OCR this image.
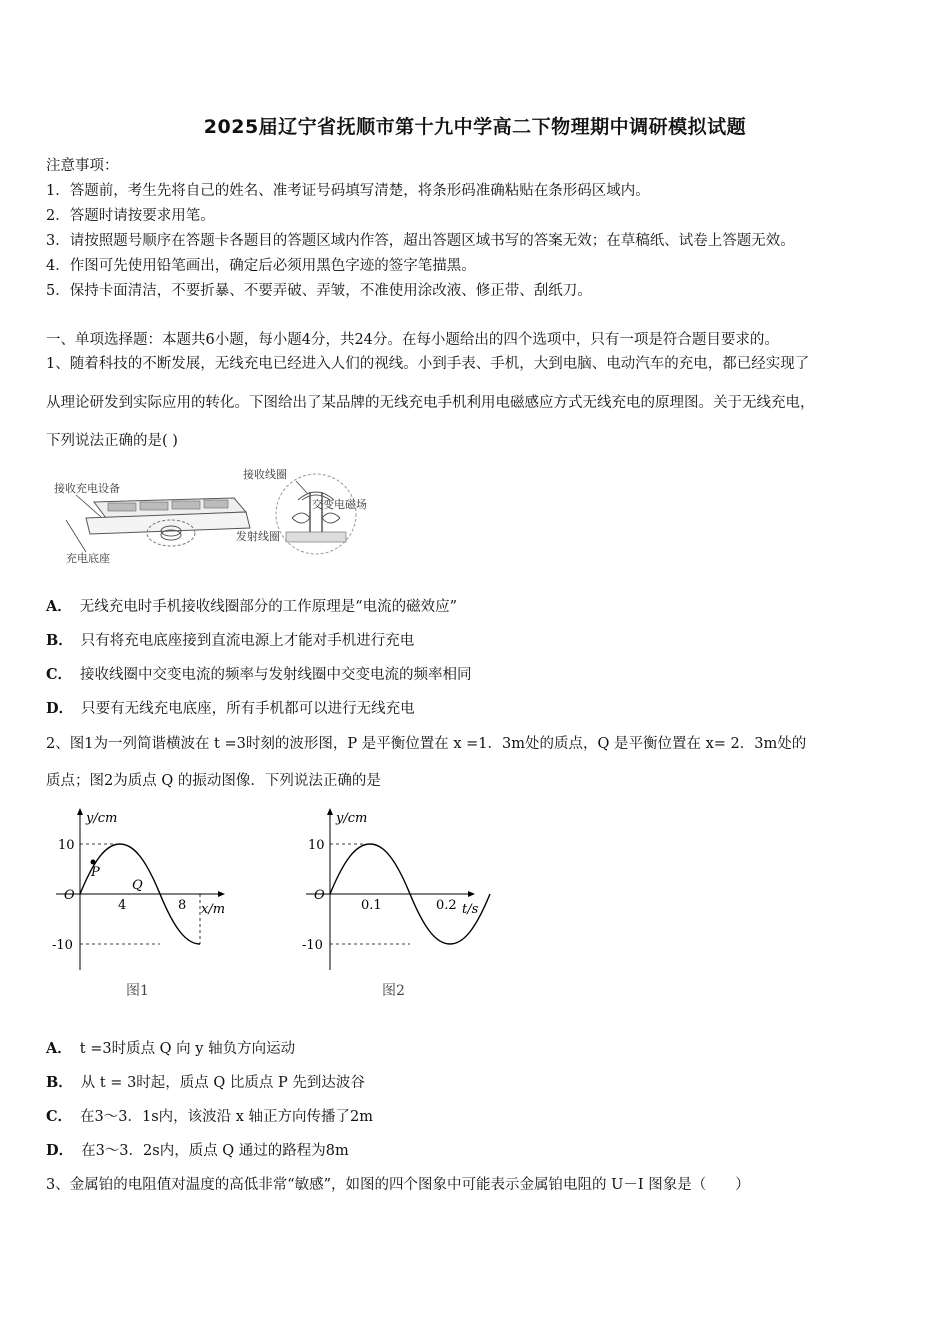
2025届辽宁省抚顺市第十九中学高二下物理期中调研模拟试题
注意事项：
1．答题前，考生先将自己的姓名、准考证号码填写清楚，将条形码准确粘贴在条形码区域内。
2．答题时请按要求用笔。
3．请按照题号顺序在答题卡各题目的答题区域内作答，超出答题区域书写的答案无效；在草稿纸、试卷上答题无效。
4．作图可先使用铅笔画出，确定后必须用黑色字迹的签字笔描黑。
5．保持卡面清洁，不要折暴、不要弄破、弄皱，不准使用涂改液、修正带、刮纸刀。
一、单项选择题：本题共6小题，每小题4分，共24分。在每小题给出的四个选项中，只有一项是符合题目要求的。
1、随着科技的不断发展，无线充电已经进入人们的视线。小到手表、手机，大到电脑、电动汽车的充电，都已经实现了
从理论研发到实际应用的转化。下图给出了某品牌的无线充电手机利用电磁感应方式无线充电的原理图。关于无线充电，
下列说法正确的是( )
接收充电设备
充电底座
接收线圈
交变电磁场
发射线圈
A． 无线充电时手机接收线圈部分的工作原理是“电流的磁效应”
B． 只有将充电底座接到直流电源上才能对手机进行充电
C． 接收线圈中交变电流的频率与发射线圈中交变电流的频率相同
D． 只要有无线充电底座，所有手机都可以进行无线充电
2、图1为一列简谐横波在 t =3时刻的波形图，P 是平衡位置在 x =1．3m处的质点，Q 是平衡位置在 x= 2．3m处的
质点；图2为质点 Q 的振动图像．下列说法正确的是
y/cm
x/m
O
10
-10
P
Q
4	8
图1
y/cm
t/s
O
10
-10
0.1	0.2
图2
A． t =3时质点 Q 向 y 轴负方向运动
B． 从 t = 3时起，质点 Q 比质点 P 先到达波谷
C． 在3～3．1s内，该波沿 x 轴正方向传播了2m
D． 在3～3．2s内，质点 Q 通过的路程为8m
3、金属铂的电阻值对温度的高低非常“敏感”，如图的四个图象中可能表示金属铂电阻的 U－I 图象是（　　）
